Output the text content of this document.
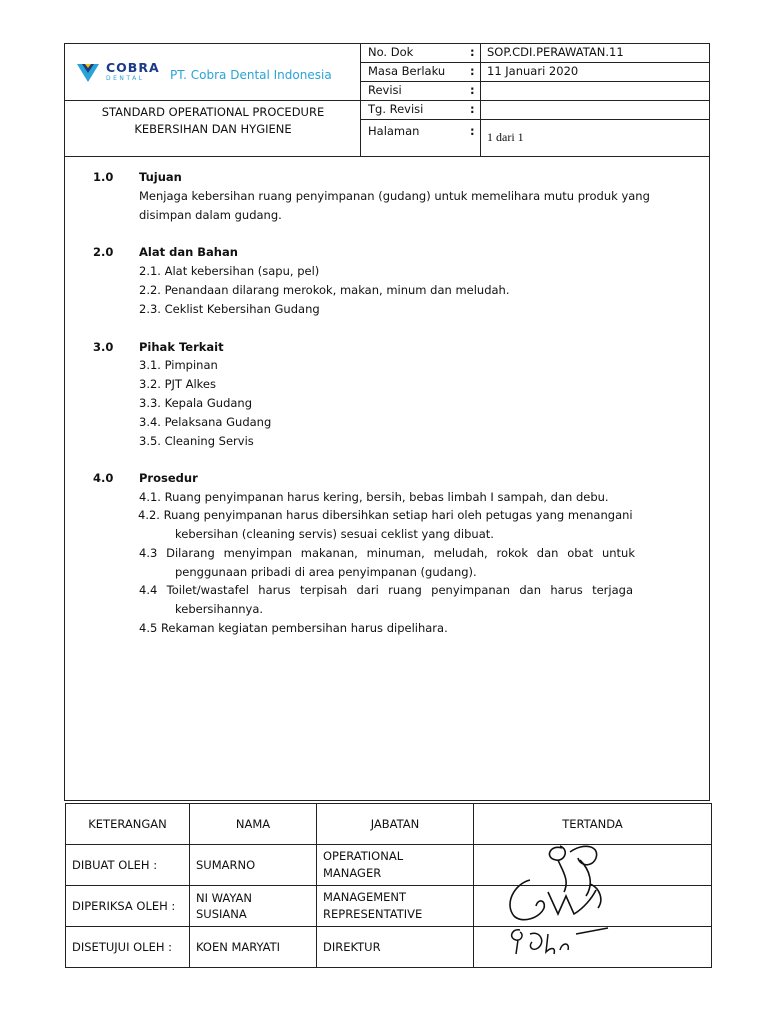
COBRA
DENTAL	PT. Cobra Dental Indonesia
STANDARD OPERATIONAL PROCEDURE
KEBERSIHAN DAN HYGIENE
No. Dok	: SOP.CDI.PERAWATAN.11
Masa Berlaku : 11 Januari 2020
Revisi	:
Tg. Revisi	:
Halaman	: 1 dari 1
1.0 Tujuan
Menjaga kebersihan ruang penyimpanan (gudang) untuk memelihara mutu produk yang
disimpan dalam gudang.
2.0 Alat dan Bahan
2.1. Alat kebersihan (sapu, pel)
2.2. Penandaan dilarang merokok, makan, minum dan meludah.
2.3. Ceklist Kebersihan Gudang
3.0 Pihak Terkait
3.1. Pimpinan
3.2. PJT Alkes
3.3. Kepala Gudang
3.4. Pelaksana Gudang
3.5. Cleaning Servis
4.0 Prosedur
4.1. Ruang penyimpanan harus kering, bersih, bebas limbah I sampah, dan debu.
4.2. Ruang penyimpanan harus dibersihkan setiap hari oleh petugas yang menangani
kebersihan (cleaning servis) sesuai ceklist yang dibuat.
4.3 Dilarang menyimpan makanan, minuman, meludah, rokok dan obat untuk
penggunaan pribadi di area penyimpanan (gudang).
4.4 Toilet/wastafel harus terpisah dari ruang penyimpanan dan harus terjaga
kebersihannya.
4.5 Rekaman kegiatan pembersihan harus dipelihara.
KETERANGAN	NAMA	JABATAN	TERTANDA
DIBUAT OLEH :	SUMARNO	OPERATIONAL MANAGER	
DIPERIKSA OLEH :	NI WAYAN SUSIANA	MANAGEMENT REPRESENTATIVE	
DISETUJUI OLEH :	KOEN MARYATI	DIREKTUR	
